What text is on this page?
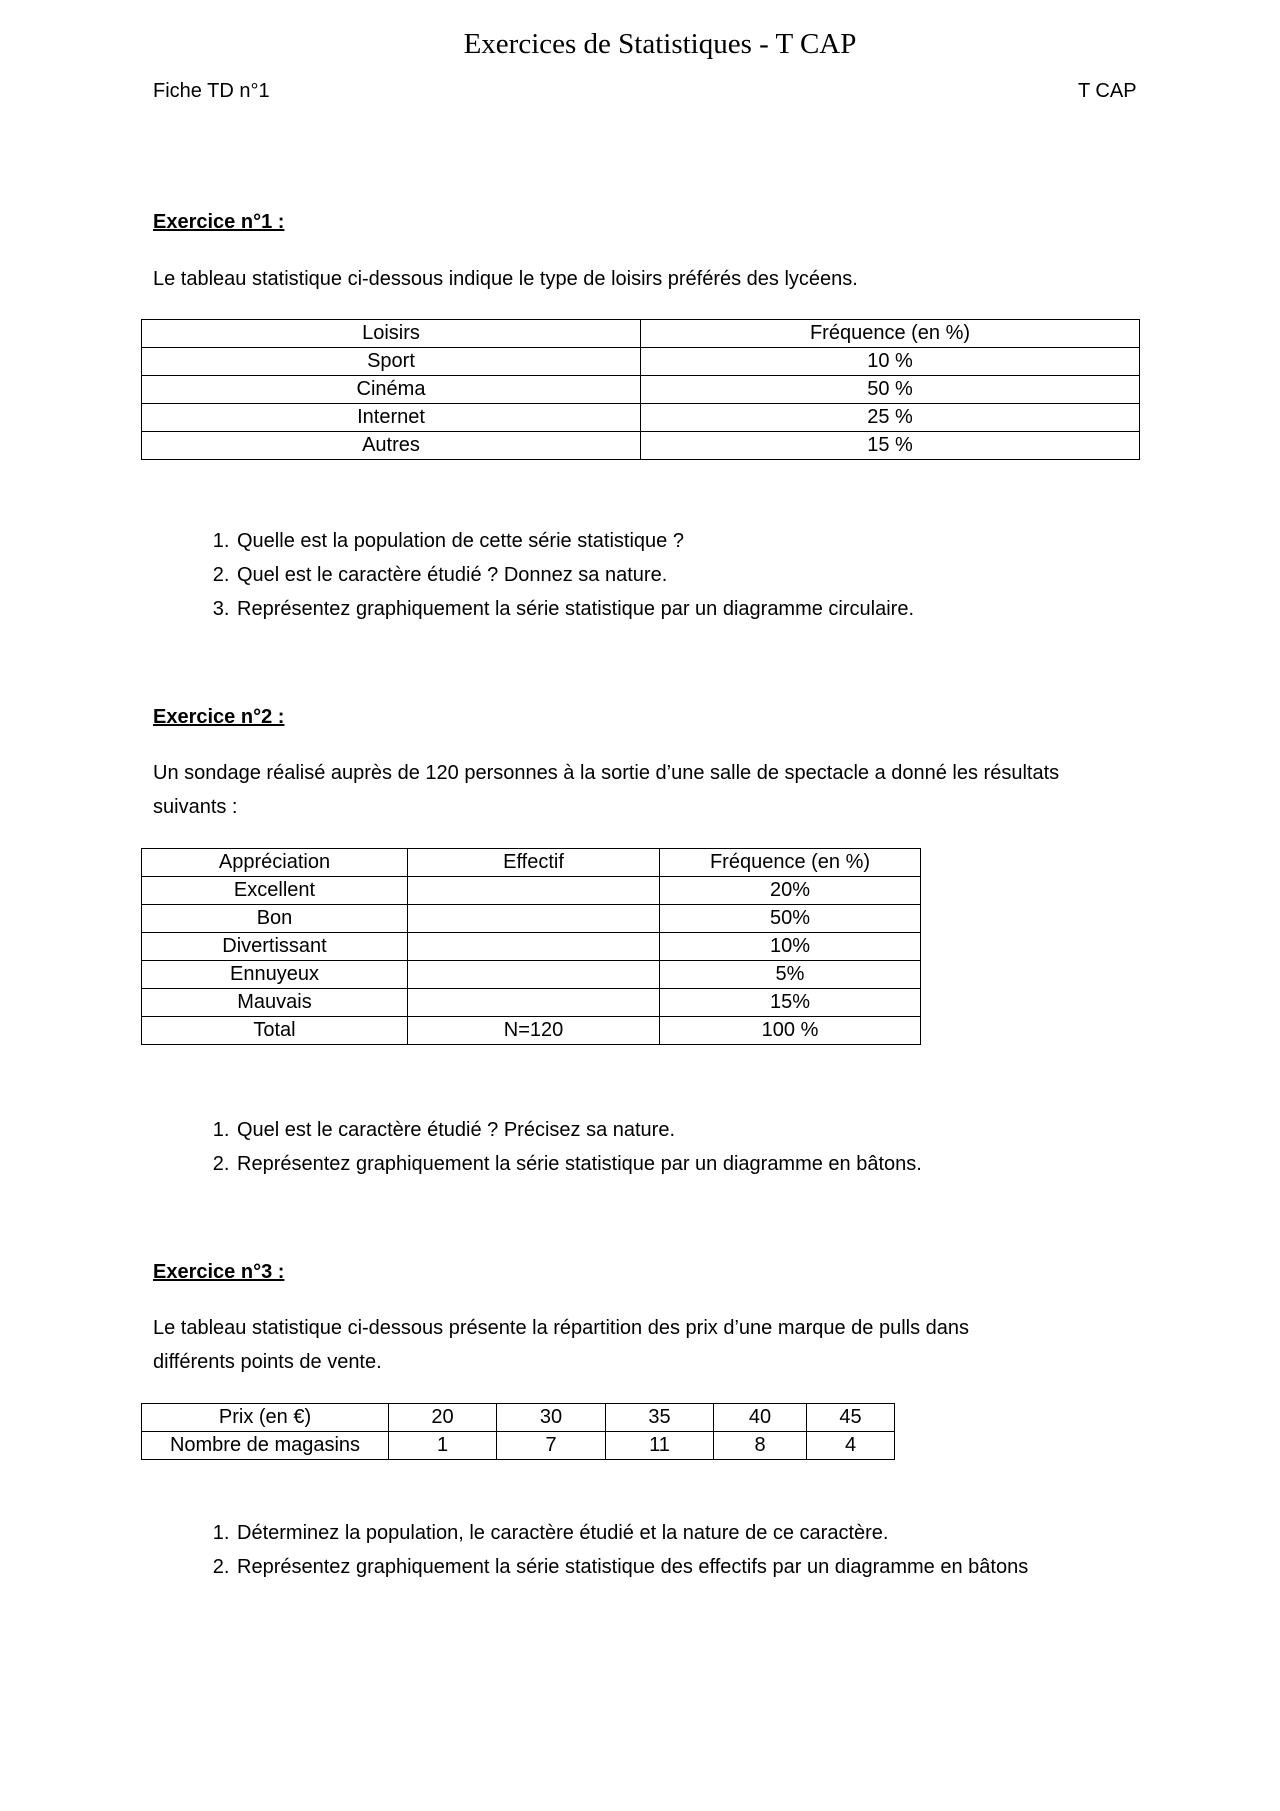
Exercices de Statistiques - T CAP
Fiche TD n°1	T CAP
Exercice n°1 :
Le tableau statistique ci-dessous indique le type de loisirs préférés des lycéens.
Loisirs	Fréquence (en %)
Sport	10 %
Cinéma	50 %
Internet	25 %
Autres	15 %
1. Quelle est la population de cette série statistique ?
2. Quel est le caractère étudié ? Donnez sa nature.
3. Représentez graphiquement la série statistique par un diagramme circulaire.
Exercice n°2 :
Un sondage réalisé auprès de 120 personnes à la sortie d’une salle de spectacle a donné les résultats
suivants :
Appréciation	Effectif	Fréquence (en %)
Excellent		20%
Bon		50%
Divertissant		10%
Ennuyeux		5%
Mauvais		15%
Total	N=120	100 %
1. Quel est le caractère étudié ? Précisez sa nature.
2. Représentez graphiquement la série statistique par un diagramme en bâtons.
Exercice n°3 :
Le tableau statistique ci-dessous présente la répartition des prix d’une marque de pulls dans
différents points de vente.
Prix (en €)	20	30	35	40	45
Nombre de magasins	1	7	11	8	4
1. Déterminez la population, le caractère étudié et la nature de ce caractère.
2. Représentez graphiquement la série statistique des effectifs par un diagramme en bâtons
